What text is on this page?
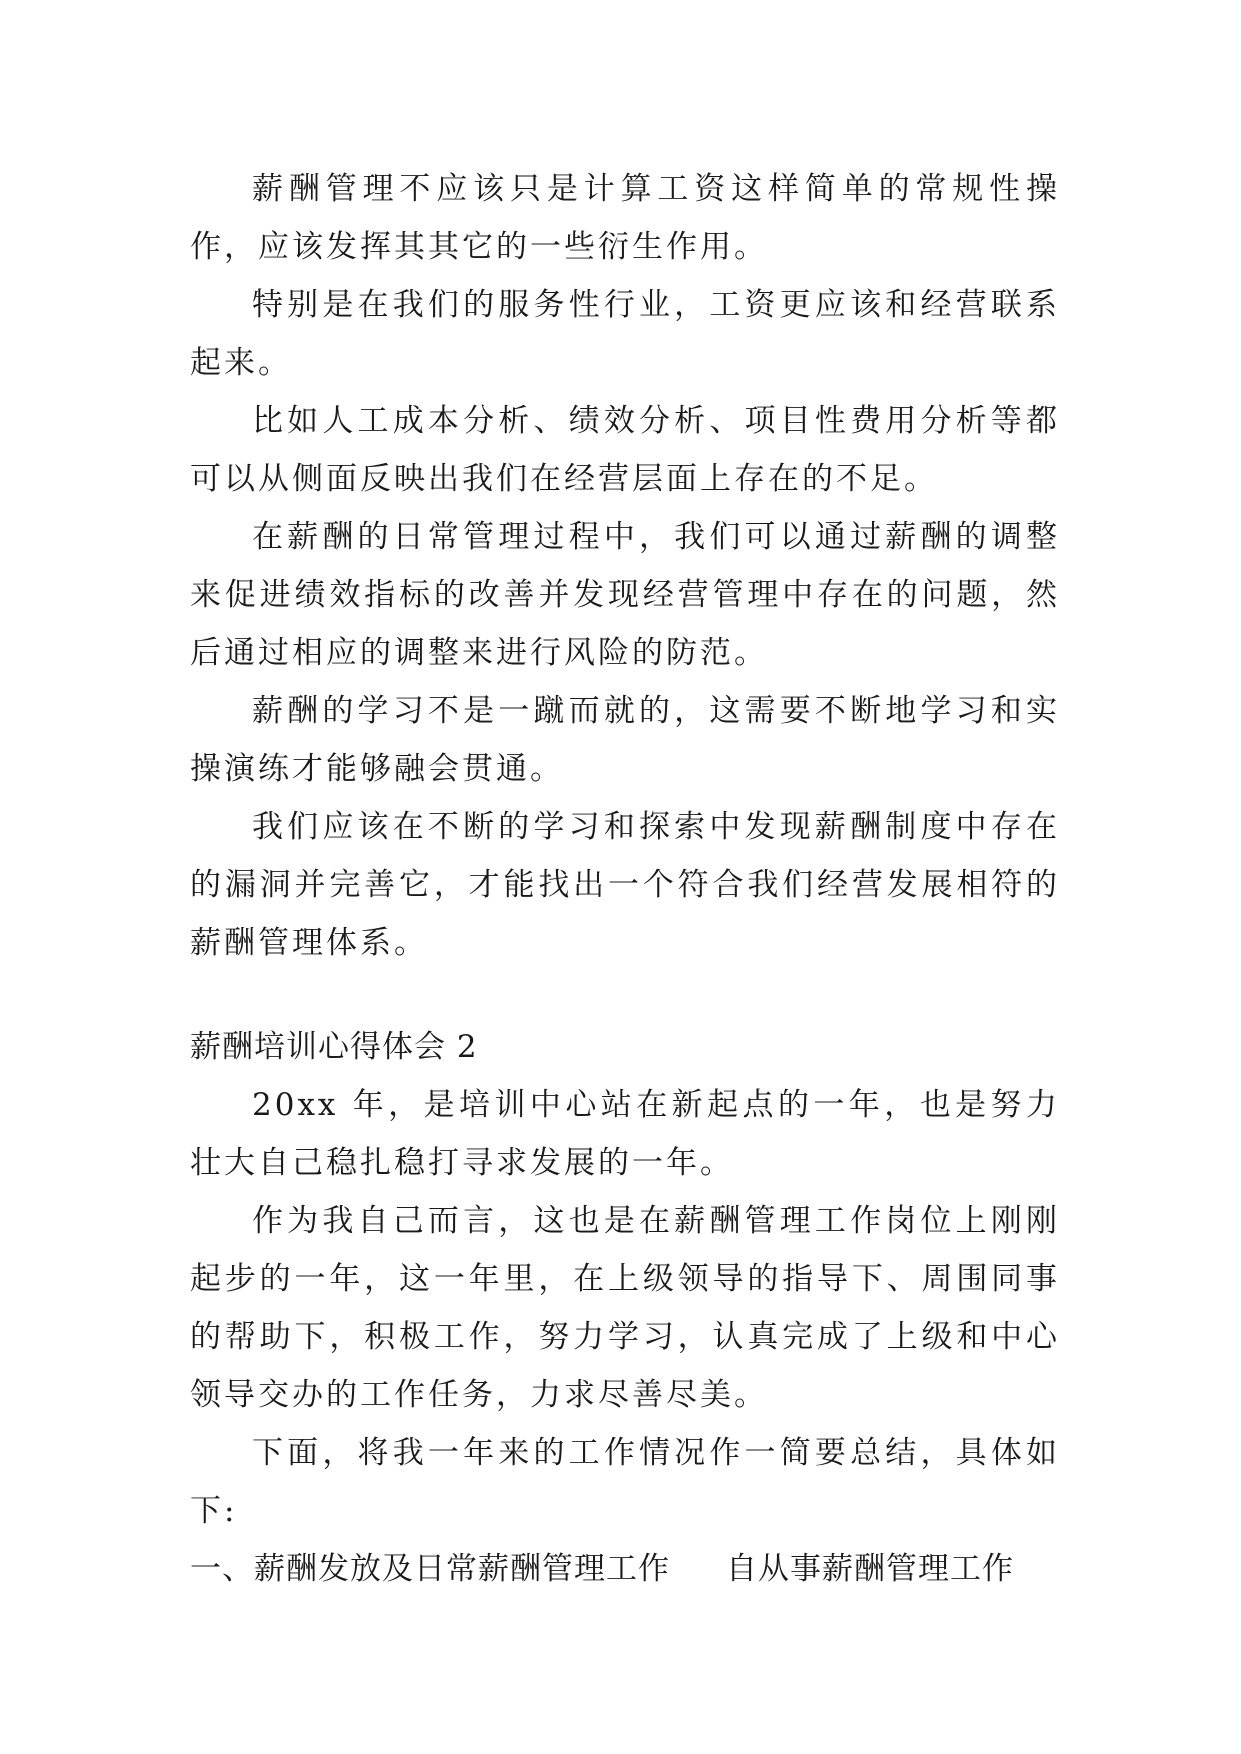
薪酬管理不应该只是计算工资这样简单的常规性操作，应该发挥其其它的一些衍生作用。

特别是在我们的服务性行业，工资更应该和经营联系起来。

比如人工成本分析、绩效分析、项目性费用分析等都可以从侧面反映出我们在经营层面上存在的不足。

在薪酬的日常管理过程中，我们可以通过薪酬的调整来促进绩效指标的改善并发现经营管理中存在的问题，然后通过相应的调整来进行风险的防范。

薪酬的学习不是一蹴而就的，这需要不断地学习和实操演练才能够融会贯通。

我们应该在不断的学习和探索中发现薪酬制度中存在的漏洞并完善它，才能找出一个符合我们经营发展相符的薪酬管理体系。

薪酬培训心得体会 2

20xx 年，是培训中心站在新起点的一年，也是努力壮大自己稳扎稳打寻求发展的一年。

作为我自己而言，这也是在薪酬管理工作岗位上刚刚起步的一年，这一年里，在上级领导的指导下、周围同事的帮助下，积极工作，努力学习，认真完成了上级和中心领导交办的工作任务，力求尽善尽美。

下面，将我一年来的工作情况作一简要总结，具体如下:

一、薪酬发放及日常薪酬管理工作 自从事薪酬管理工作
